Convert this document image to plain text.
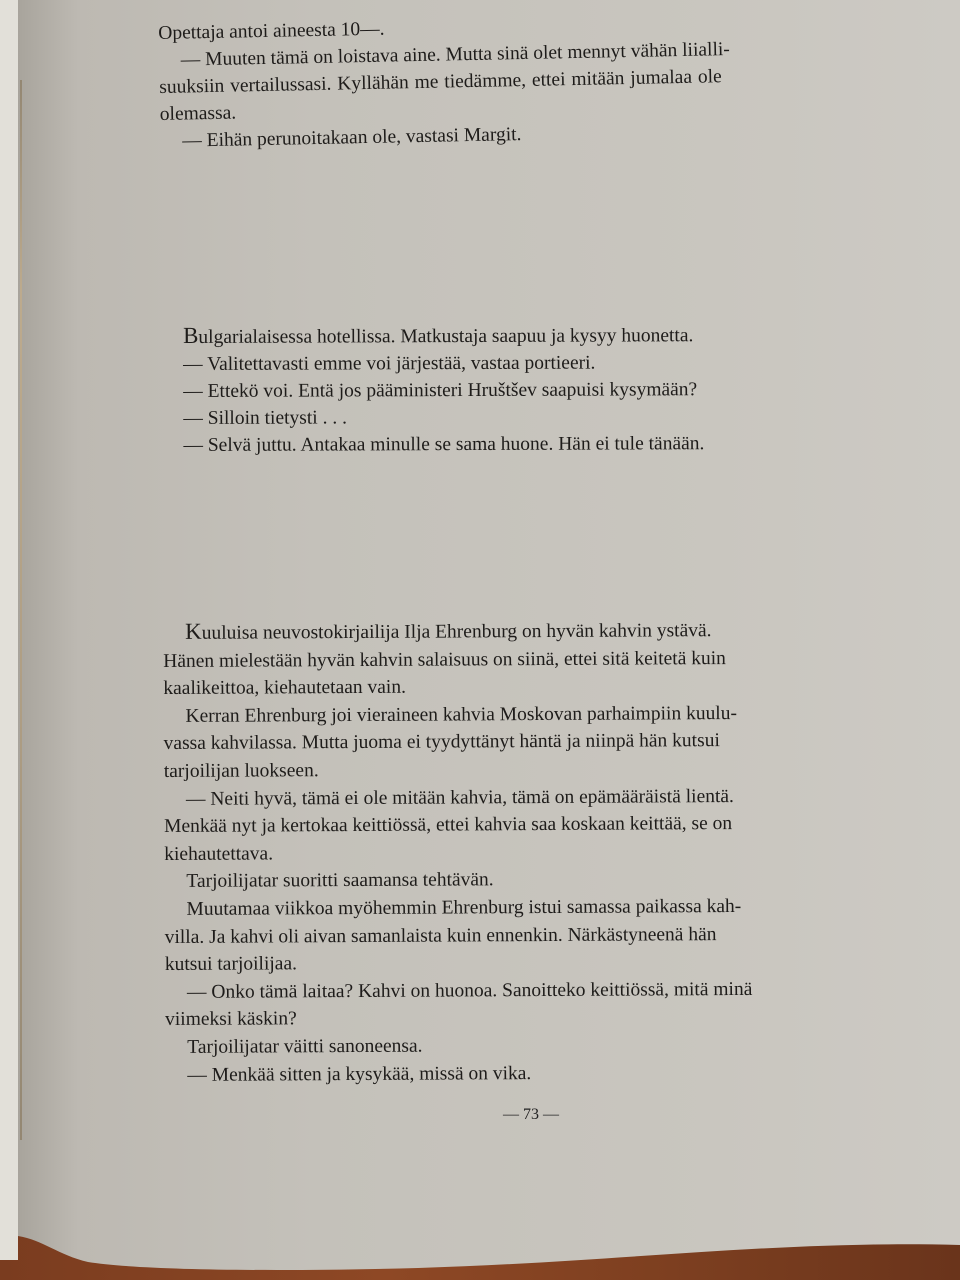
Opettaja antoi aineesta 10—.
— Muuten tämä on loistava aine. Mutta sinä olet mennyt vähän liialli-
suuksiin vertailussasi. Kyllähän me tiedämme, ettei mitään jumalaa ole
olemassa.
— Eihän perunoitakaan ole, vastasi Margit.
Bulgarialaisessa hotellissa. Matkustaja saapuu ja kysyy huonetta.
— Valitettavasti emme voi järjestää, vastaa portieeri.
— Ettekö voi. Entä jos pääministeri Hruštšev saapuisi kysymään?
— Silloin tietysti . . .
— Selvä juttu. Antakaa minulle se sama huone. Hän ei tule tänään.
Kuuluisa neuvostokirjailija Ilja Ehrenburg on hyvän kahvin ystävä.
Hänen mielestään hyvän kahvin salaisuus on siinä, ettei sitä keitetä kuin
kaalikeittoa, kiehautetaan vain.
Kerran Ehrenburg joi vieraineen kahvia Moskovan parhaimpiin kuulu-
vassa kahvilassa. Mutta juoma ei tyydyttänyt häntä ja niinpä hän kutsui
tarjoilijan luokseen.
— Neiti hyvä, tämä ei ole mitään kahvia, tämä on epämääräistä lientä.
Menkää nyt ja kertokaa keittiössä, ettei kahvia saa koskaan keittää, se on
kiehautettava.
Tarjoilijatar suoritti saamansa tehtävän.
Muutamaa viikkoa myöhemmin Ehrenburg istui samassa paikassa kah-
villa. Ja kahvi oli aivan samanlaista kuin ennenkin. Närkästyneenä hän
kutsui tarjoilijaa.
— Onko tämä laitaa? Kahvi on huonoa. Sanoitteko keittiössä, mitä minä
viimeksi käskin?
Tarjoilijatar väitti sanoneensa.
— Menkää sitten ja kysykää, missä on vika.
— 73 —
